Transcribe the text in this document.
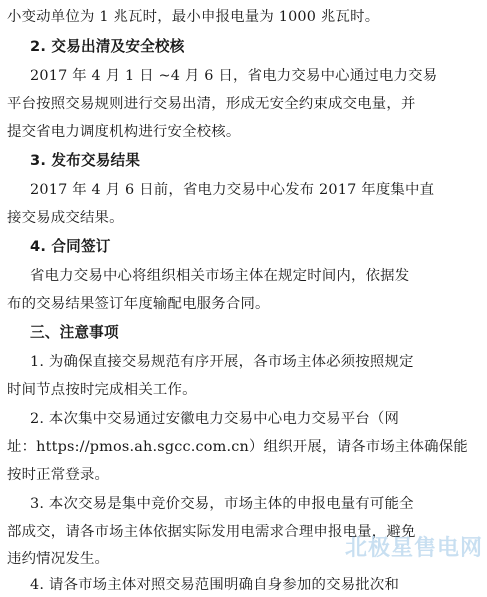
小变动单位为 1 兆瓦时，最小申报电量为 1000 兆瓦时。
2. 交易出清及安全校核
2017 年 4 月 1 日 ~4 月 6 日，省电力交易中心通过电力交易
平台按照交易规则进行交易出清，形成无安全约束成交电量，并
提交省电力调度机构进行安全校核。
3. 发布交易结果
2017 年 4 月 6 日前，省电力交易中心发布 2017 年度集中直
接交易成交结果。
4. 合同签订
省电力交易中心将组织相关市场主体在规定时间内，依据发
布的交易结果签订年度输配电服务合同。
三、注意事项
1. 为确保直接交易规范有序开展，各市场主体必须按照规定
时间节点按时完成相关工作。
2. 本次集中交易通过安徽电力交易中心电力交易平台（网
址：https://pmos.ah.sgcc.com.cn）组织开展，请各市场主体确保能
按时正常登录。
3. 本次交易是集中竞价交易，市场主体的申报电量有可能全
部成交，请各市场主体依据实际发用电需求合理申报电量，避免
违约情况发生。
4. 请各市场主体对照交易范围明确自身参加的交易批次和
北极星售电网
